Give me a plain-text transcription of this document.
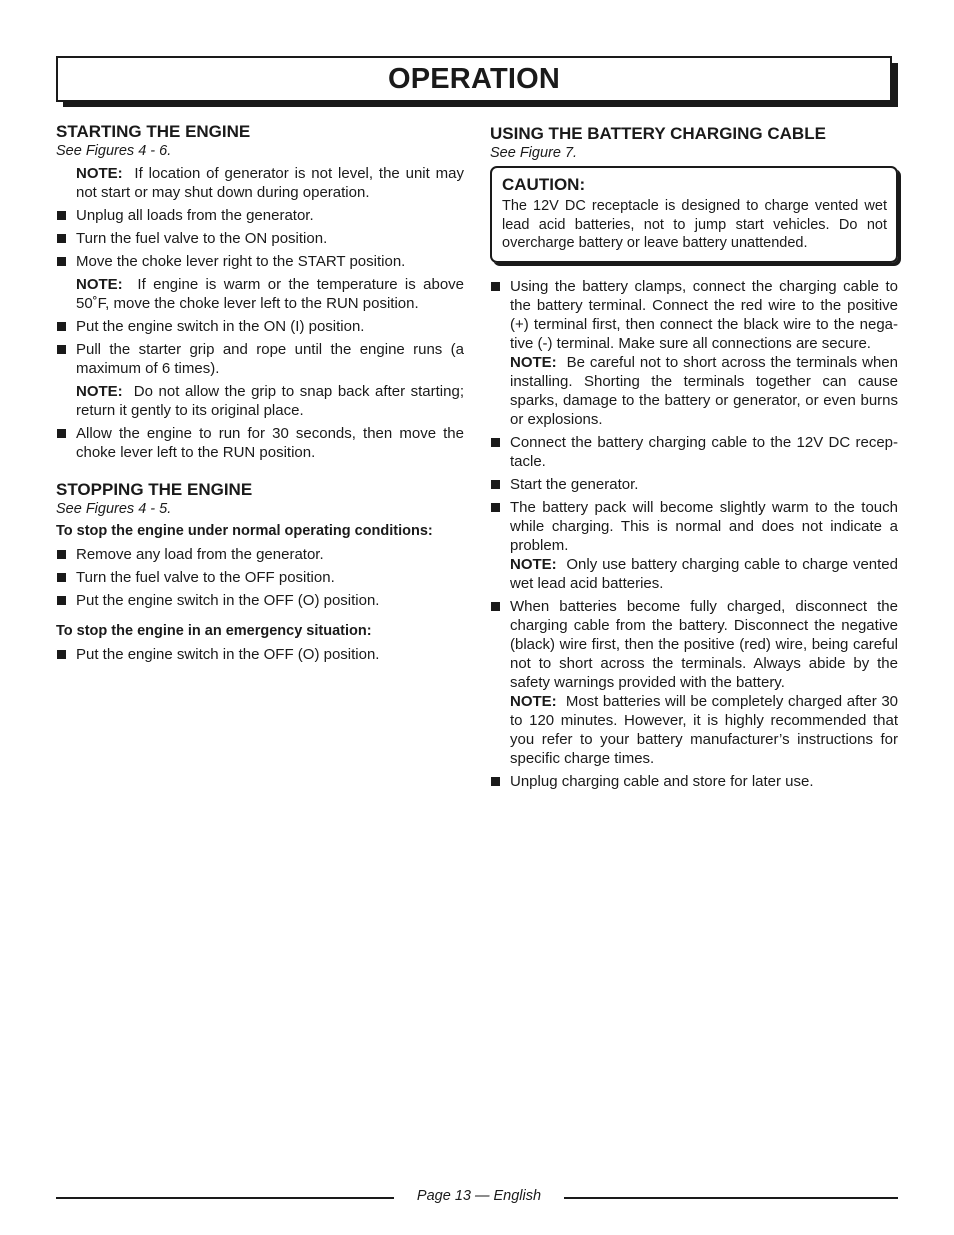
OPERATION
STARTING THE ENGINE

See Figures 4 - 6.

NOTE: If location of generator is not level, the unit may not start or may shut down during operation.

Unplug all loads from the generator.

Turn the fuel valve to the ON position.

Move the choke lever right to the START position.

NOTE: If engine is warm or the temperature is above 50˚F, move the choke lever left to the RUN position.

Put the engine switch in the ON (I) position.

Pull the starter grip and rope until the engine runs (a maximum of 6 times).

NOTE: Do not allow the grip to snap back after starting; return it gently to its original place.

Allow the engine to run for 30 seconds, then move the choke lever left to the RUN position.

STOPPING THE ENGINE

See Figures 4 - 5.

To stop the engine under normal operating conditions:

Remove any load from the generator.

Turn the fuel valve to the OFF position.

Put the engine switch in the OFF (O) position.

To stop the engine in an emergency situation:

Put the engine switch in the OFF (O) position.

USING THE BATTERY CHARGING CABLE

See Figure 7.

CAUTION:

The 12V DC receptacle is designed to charge vented wet lead acid batteries, not to jump start vehicles. Do not overcharge battery or leave battery unattended.

Using the battery clamps, connect the charging cable to the battery terminal. Connect the red wire to the positive (+) terminal first, then connect the black wire to the nega-tive (-) terminal. Make sure all connections are secure.
NOTE: Be careful not to short across the terminals when installing. Shorting the terminals together can cause sparks, damage to the battery or generator, or even burns or explosions.

Connect the battery charging cable to the 12V DC recep-tacle.

Start the generator.

The battery pack will become slightly warm to the touch while charging. This is normal and does not indicate a problem.
NOTE: Only use battery charging cable to charge vented wet lead acid batteries.
When batteries become fully charged, disconnect the charging cable from the battery. Disconnect the negative (black) wire first, then the positive (red) wire, being careful not to short across the terminals. Always abide by the safety warnings provided with the battery.
NOTE: Most batteries will be completely charged after 30 to 120 minutes. However, it is highly recommended that you refer to your battery manufacturer’s instructions for specific charge times.

Unplug charging cable and store for later use.

Page 13 — English
